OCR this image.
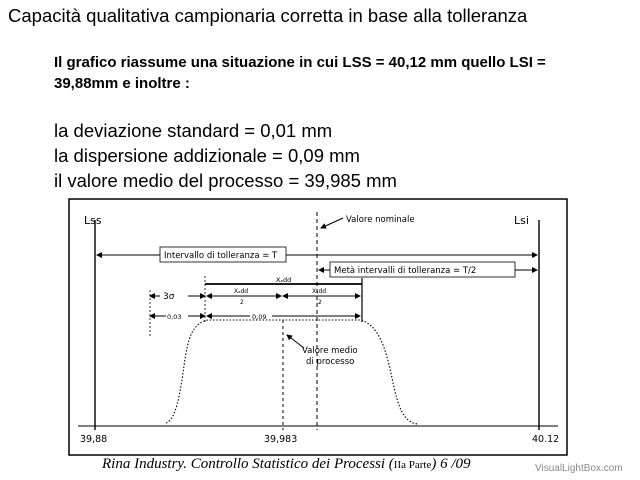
Capacità qualitativa campionaria corretta in base alla tolleranza
Il grafico riassume una situazione in cui LSS = 40,12 mm quello LSI = 39,88mm e inoltre :
la deviazione standard = 0,01 mm
la dispersione addizionale = 0,09 mm
il valore medio del processo = 39,985 mm
Lss	Lsi
Valore nominale
Intervallo di tolleranza = T
Metà intervalli di tolleranza = T/2
Xₐdd
3σ
Xₐdd
2
Xₐdd
2
0,03	0,09
Valore medio
di processo
39,88	39,983	40.12
Rina Industry. Controllo Statistico dei Processi (IIa Parte) 6 /09	VisualLightBox.com
